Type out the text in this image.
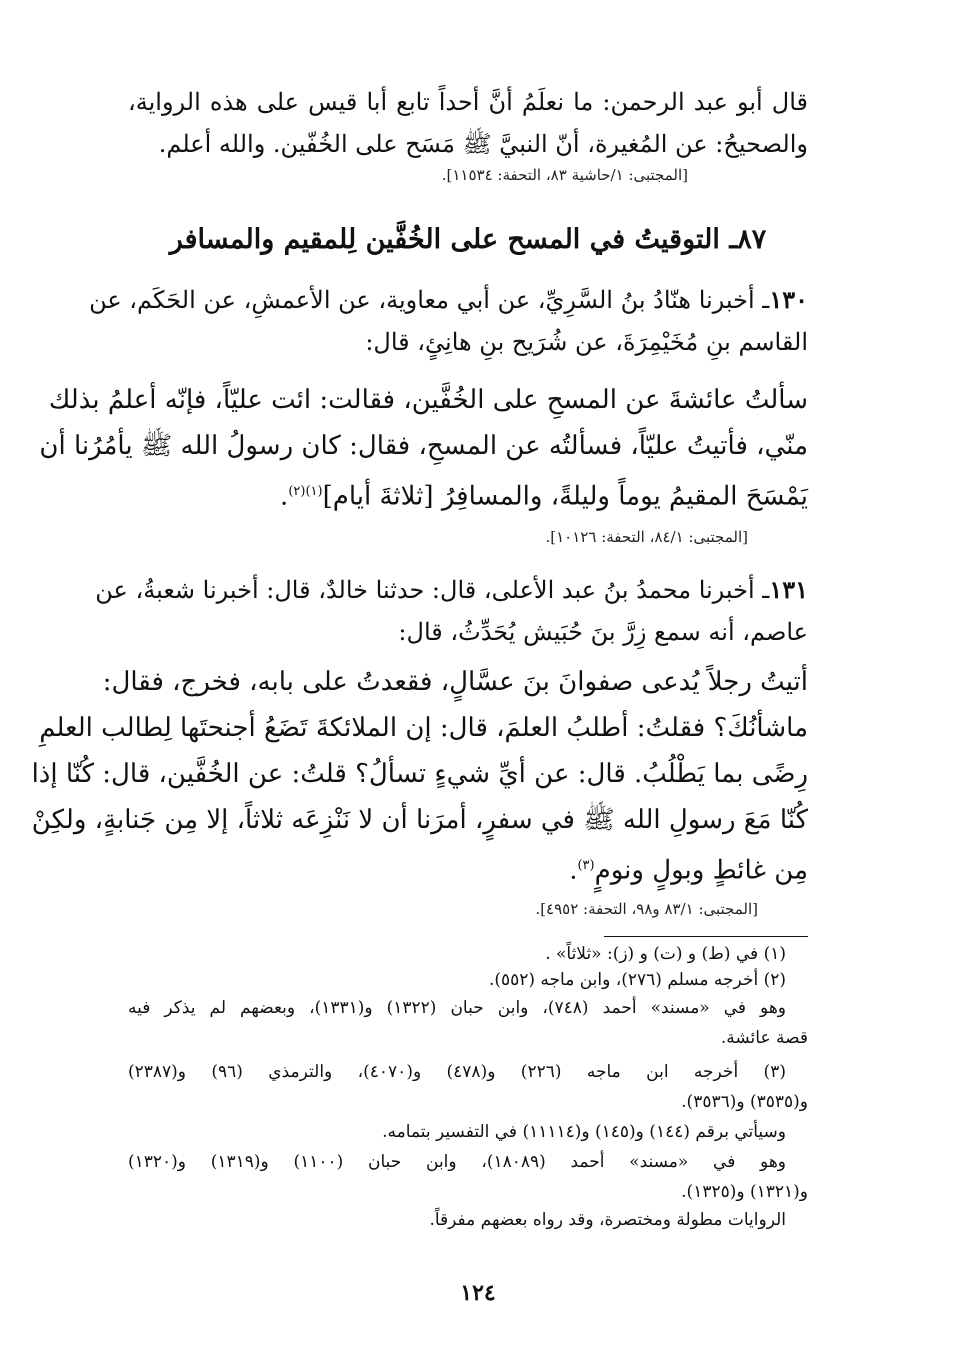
قال أبو عبد الرحمن: ما نعلَمُ أنَّ أحداً تابع أبا قيس على هذه الرواية،
والصحيحُ: عن المُغيرة، أنّ النبيَّ ﷺ مَسَح على الخُفّين. والله أعلم.
[المجتبى: ١/حاشية ٨٣، التحفة: ١١٥٣٤].
٨٧ـ التوقيتُ في المسح على الخُفَّين لِلمقيم والمسافر
١٣٠ـ أخبرنا هنّادُ بنُ السَّرِيِّ، عن أبي معاوية، عن الأعمشِ، عن الحَكَم، عن
القاسم بنِ مُخَيْمِرَةَ، عن شُرَيح بنِ هانِئٍ، قال:
سألتُ عائشةَ عن المسحِ على الخُفَّين، فقالت: ائت عليّاً، فإنّه أعلمُ بذلك
منّي، فأتيتُ عليّاً، فسألتُه عن المسحِ، فقال: كان رسولُ الله ﷺ يأمُرُنا أن
يَمْسَحَ المقيمُ يوماً وليلةً، والمسافِرُ [ثلاثةَ أيام]$^{(١)(٢)}$.
[المجتبى: ٨٤/١، التحفة: ١٠١٢٦].
١٣١ـ أخبرنا محمدُ بنُ عبد الأعلى، قال: حدثنا خالدٌ، قال: أخبرنا شعبةُ، عن
عاصم، أنه سمع زِرَّ بنَ حُبَيش يُحَدِّثُ، قال:
أتيتُ رجلاً يُدعى صفوانَ بنَ عسَّالٍ، فقعدتُ على بابه، فخرج، فقال:
ماشأنُكَ؟ فقلتُ: أطلبُ العلمَ، قال: إن الملائكةَ تَضَعُ أجنحتَها لِطالب العلمِ
رِضًى بما يَطْلُبُ. قال: عن أيِّ شيءٍ تسألُ؟ قلتُ: عن الخُفَّين، قال: كُنّا إذا
كُنّا مَعَ رسولِ الله ﷺ في سفرٍ، أمرَنا أن لا نَنْزِعَه ثلاثاً، إلا مِن جَنابةٍ، ولكِنْ
مِن غائطٍ وبولٍ ونومٍ$^{(٣)}$.
[المجتبى: ٨٣/١ و٩٨، التحفة: ٤٩٥٢].
(١) في (ط) و (ت) و (ز): «ثلاثاً» .
(٢) أخرجه مسلم (٢٧٦)، وابن ماجه (٥٥٢).
وهو في «مسند» أحمد (٧٤٨)، وابن حبان (١٣٢٢) و(١٣٣١)، وبعضهم لم يذكر فيه
قصة عائشة.
(٣) أخرجه ابن ماجه (٢٢٦) و(٤٧٨) و(٤٠٧٠)، والترمذي (٩٦) و(٢٣٨٧)
و(٣٥٣٥) و(٣٥٣٦).
وسيأتي برقم (١٤٤) و(١٤٥) و(١١١١٤) في التفسير بتمامه.
وهو في «مسند» أحمد (١٨٠٨٩)، وابن حبان (١١٠٠) و(١٣١٩) و(١٣٢٠)
و(١٣٢١) و(١٣٢٥).
الروايات مطولة ومختصرة، وقد رواه بعضهم مفرقاً.
١٢٤
